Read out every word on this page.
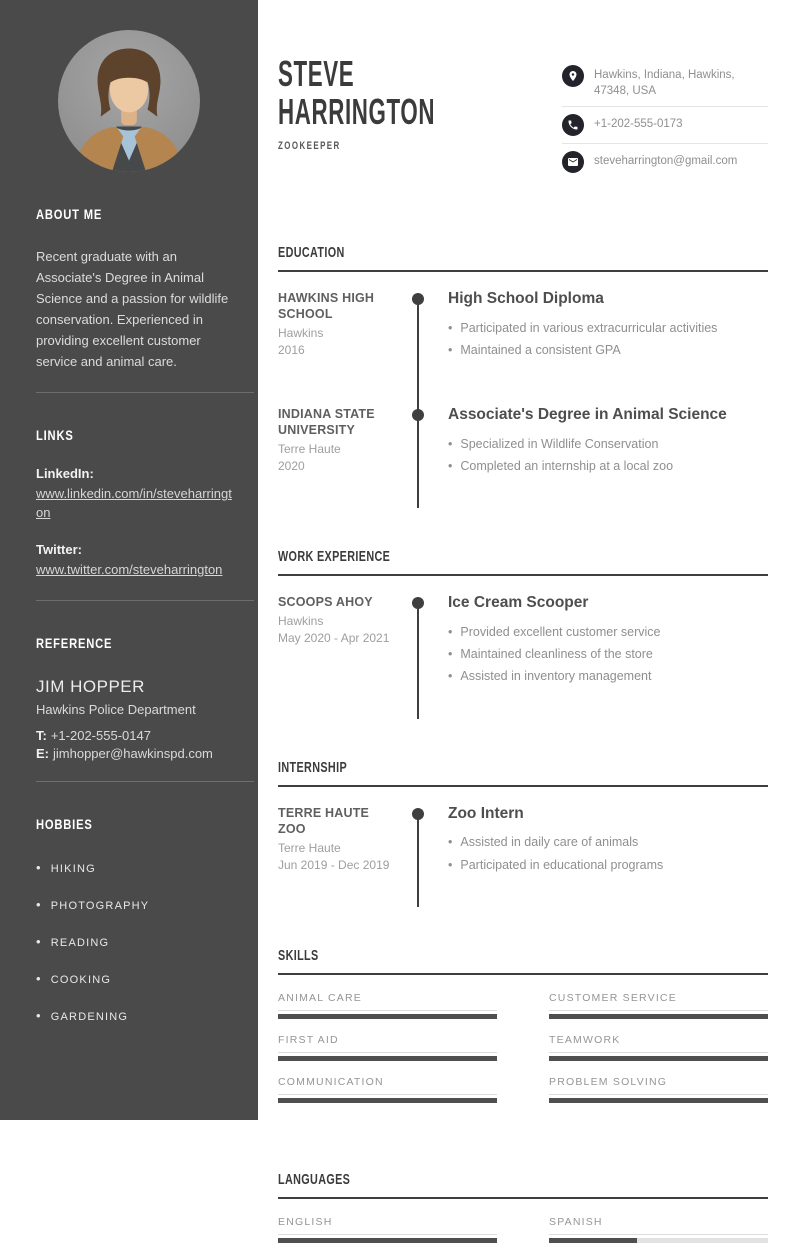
ABOUT ME

Recent graduate with an Associate's Degree in Animal Science and a passion for wildlife conservation. Experienced in providing excellent customer service and animal care.

LINKS
LinkedIn:
www.linkedin.com/in/steveharrington
Twitter:
www.twitter.com/steveharrington
REFERENCE
JIM HOPPER
Hawkins Police Department
T: +1-202-555-0147
E: jimhopper@hawkinspd.com
HOBBIES
• HIKING
• PHOTOGRAPHY
• READING
• COOKING
• GARDENING
STEVE
HARRINGTON
ZOOKEEPER
Hawkins, Indiana, Hawkins, 47348, USA
+1-202-555-0173
steveharrington@gmail.com
EDUCATION
HAWKINS HIGH SCHOOL
Hawkins
2016
High School Diploma
• Participated in various extracurricular activities
• Maintained a consistent GPA
INDIANA STATE UNIVERSITY
Terre Haute
2020
Associate's Degree in Animal Science
• Specialized in Wildlife Conservation
• Completed an internship at a local zoo
WORK EXPERIENCE
SCOOPS AHOY
Hawkins
May 2020 - Apr 2021
Ice Cream Scooper
• Provided excellent customer service
• Maintained cleanliness of the store
• Assisted in inventory management
INTERNSHIP
TERRE HAUTE ZOO
Terre Haute
Jun 2019 - Dec 2019
Zoo Intern
• Assisted in daily care of animals
• Participated in educational programs
SKILLS
ANIMAL CARE	CUSTOMER SERVICE
FIRST AID	TEAMWORK
COMMUNICATION	PROBLEM SOLVING
LANGUAGES
ENGLISH	SPANISH
